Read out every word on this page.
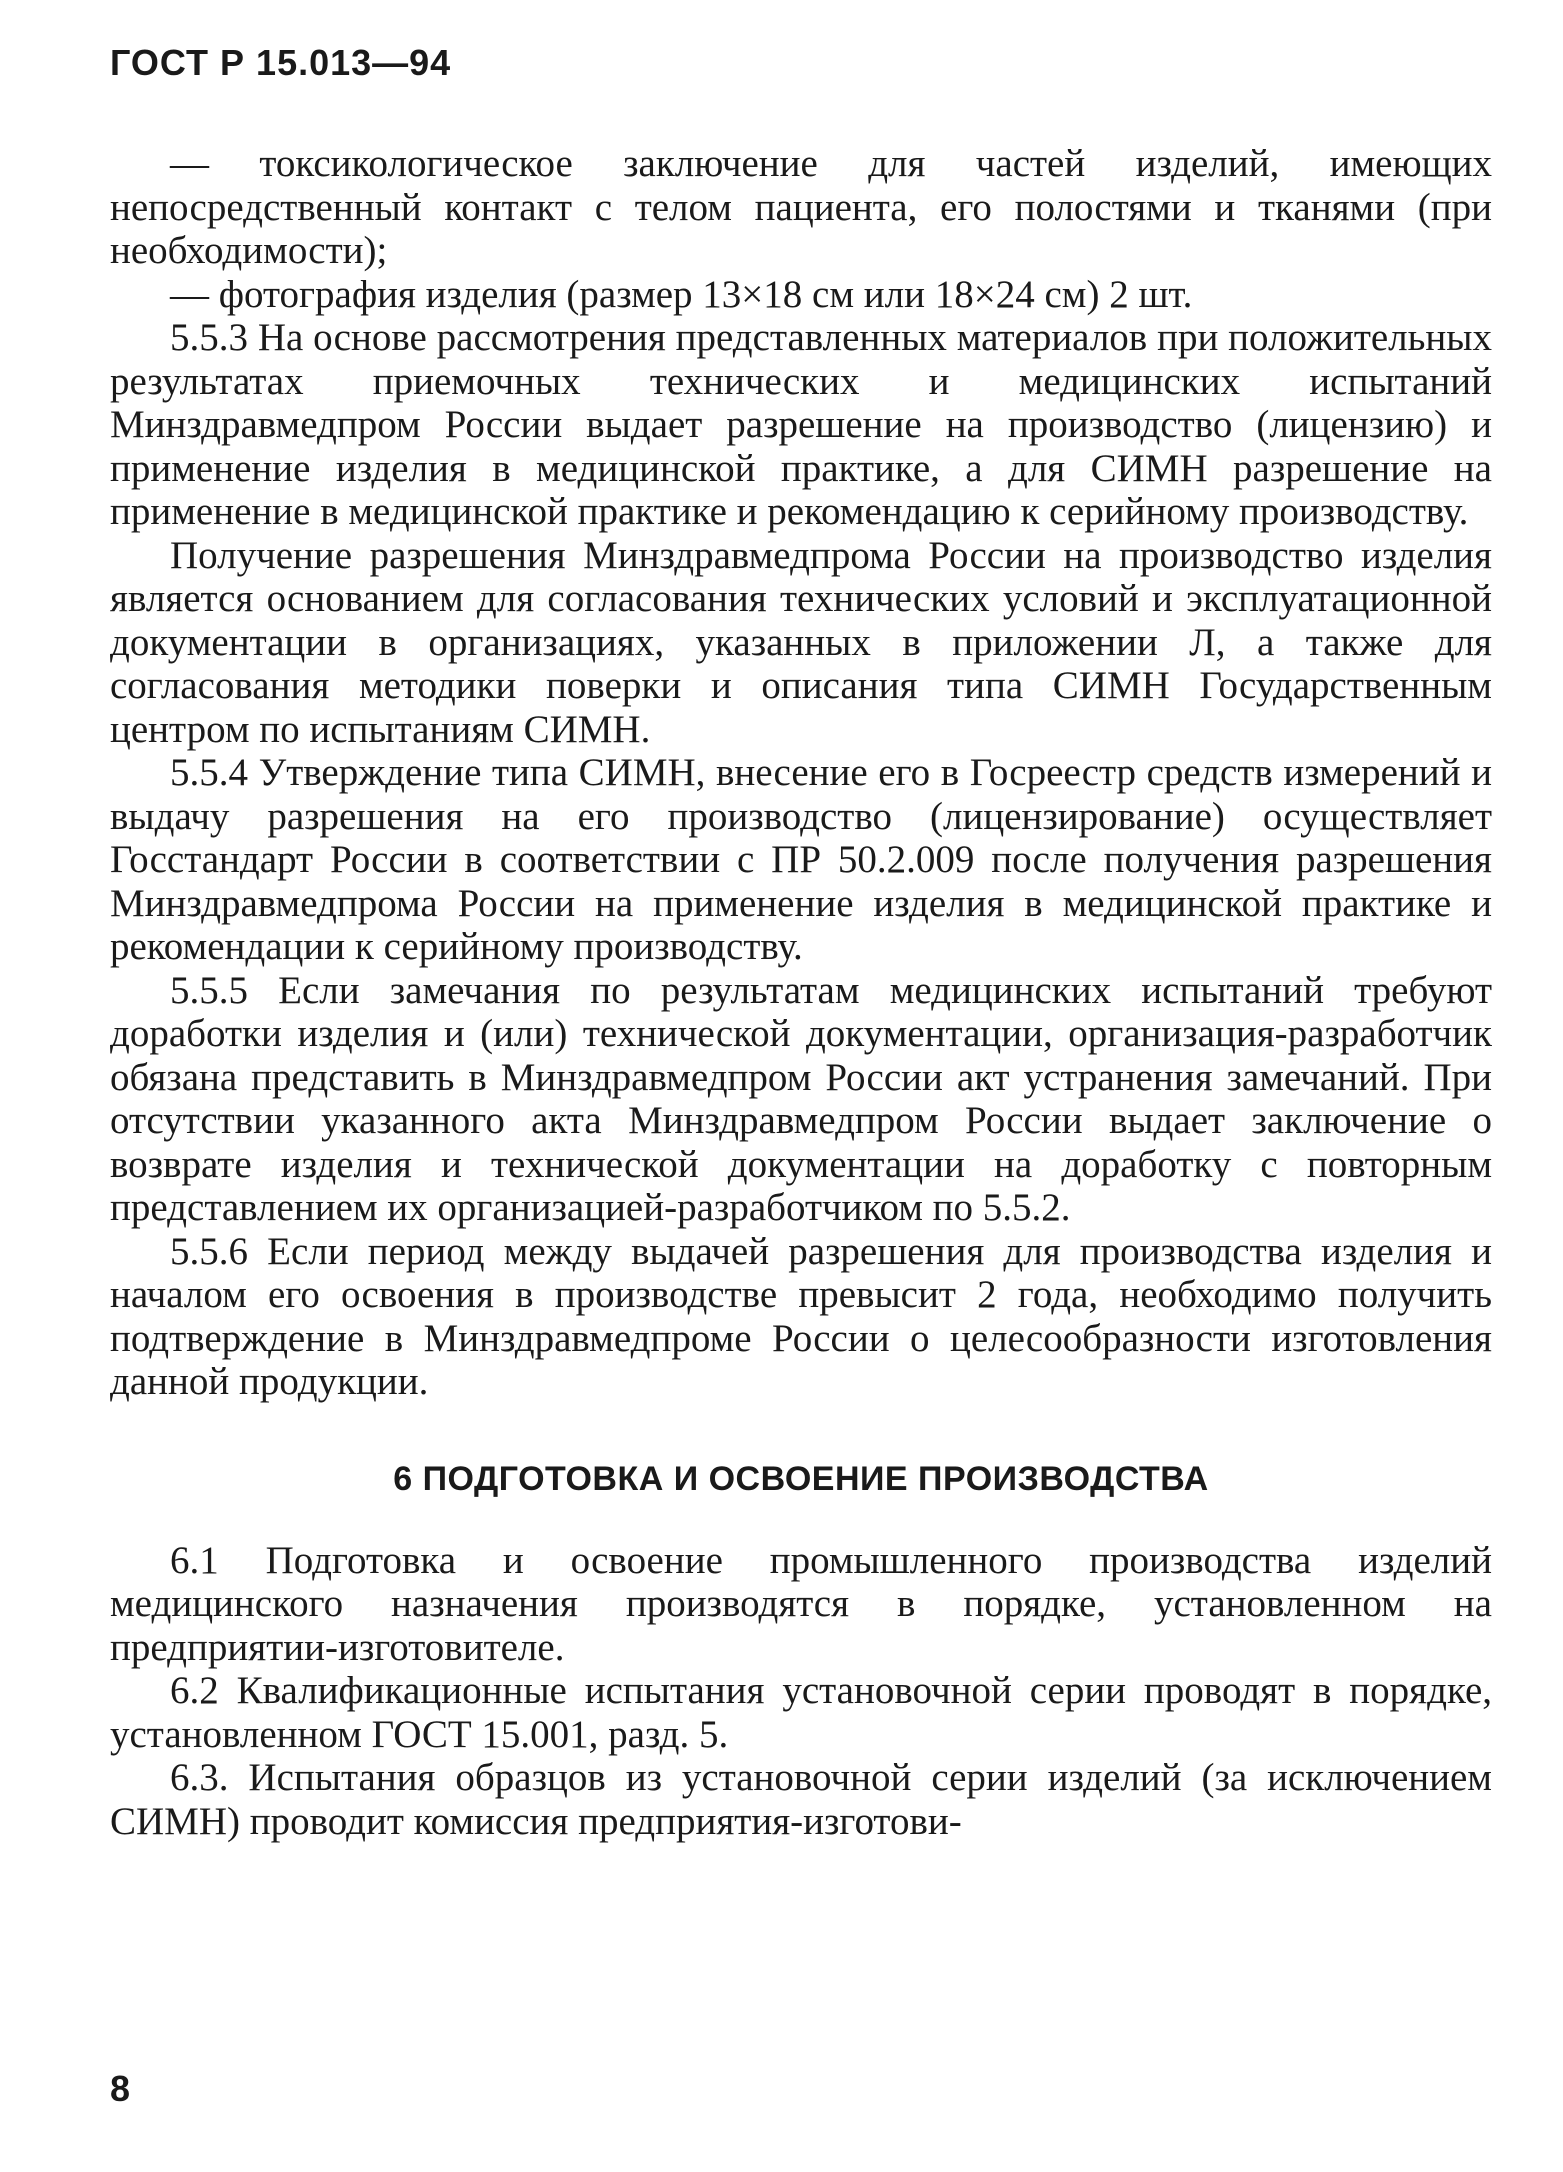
ГОСТ Р 15.013—94

— токсикологическое заключение для частей изделий, имеющих непосредственный контакт с телом пациента, его полостями и тканями (при необходимости);

— фотография изделия (размер 13×18 см или 18×24 см) 2 шт.

5.5.3 На основе рассмотрения представленных материалов при положительных результатах приемочных технических и медицинских испытаний Минздравмедпром России выдает разрешение на производство (лицензию) и применение изделия в медицинской практике, а для СИМН разрешение на применение в медицинской практике и рекомендацию к серийному производству.

Получение разрешения Минздравмедпрома России на производство изделия является основанием для согласования технических условий и эксплуатационной документации в организациях, указанных в приложении Л, а также для согласования методики поверки и описания типа СИМН Государственным центром по испытаниям СИМН.

5.5.4 Утверждение типа СИМН, внесение его в Госреестр средств измерений и выдачу разрешения на его производство (лицензирование) осуществляет Госстандарт России в соответствии с ПР 50.2.009 после получения разрешения Минздравмедпрома России на применение изделия в медицинской практике и рекомендации к серийному производству.

5.5.5 Если замечания по результатам медицинских испытаний требуют доработки изделия и (или) технической документации, организация-разработчик обязана представить в Минздравмедпром России акт устранения замечаний. При отсутствии указанного акта Минздравмедпром России выдает заключение о возврате изделия и технической документации на доработку с повторным представлением их организацией-разработчиком по 5.5.2.

5.5.6 Если период между выдачей разрешения для производства изделия и началом его освоения в производстве превысит 2 года, необходимо получить подтверждение в Минздравмедпроме России о целесообразности изготовления данной продукции.

6 ПОДГОТОВКА И ОСВОЕНИЕ ПРОИЗВОДСТВА

6.1 Подготовка и освоение промышленного производства изделий медицинского назначения производятся в порядке, установленном на предприятии-изготовителе.

6.2 Квалификационные испытания установочной серии проводят в порядке, установленном ГОСТ 15.001, разд. 5.

6.3. Испытания образцов из установочной серии изделий (за исключением СИМН) проводит комиссия предприятия-изготови-

8
